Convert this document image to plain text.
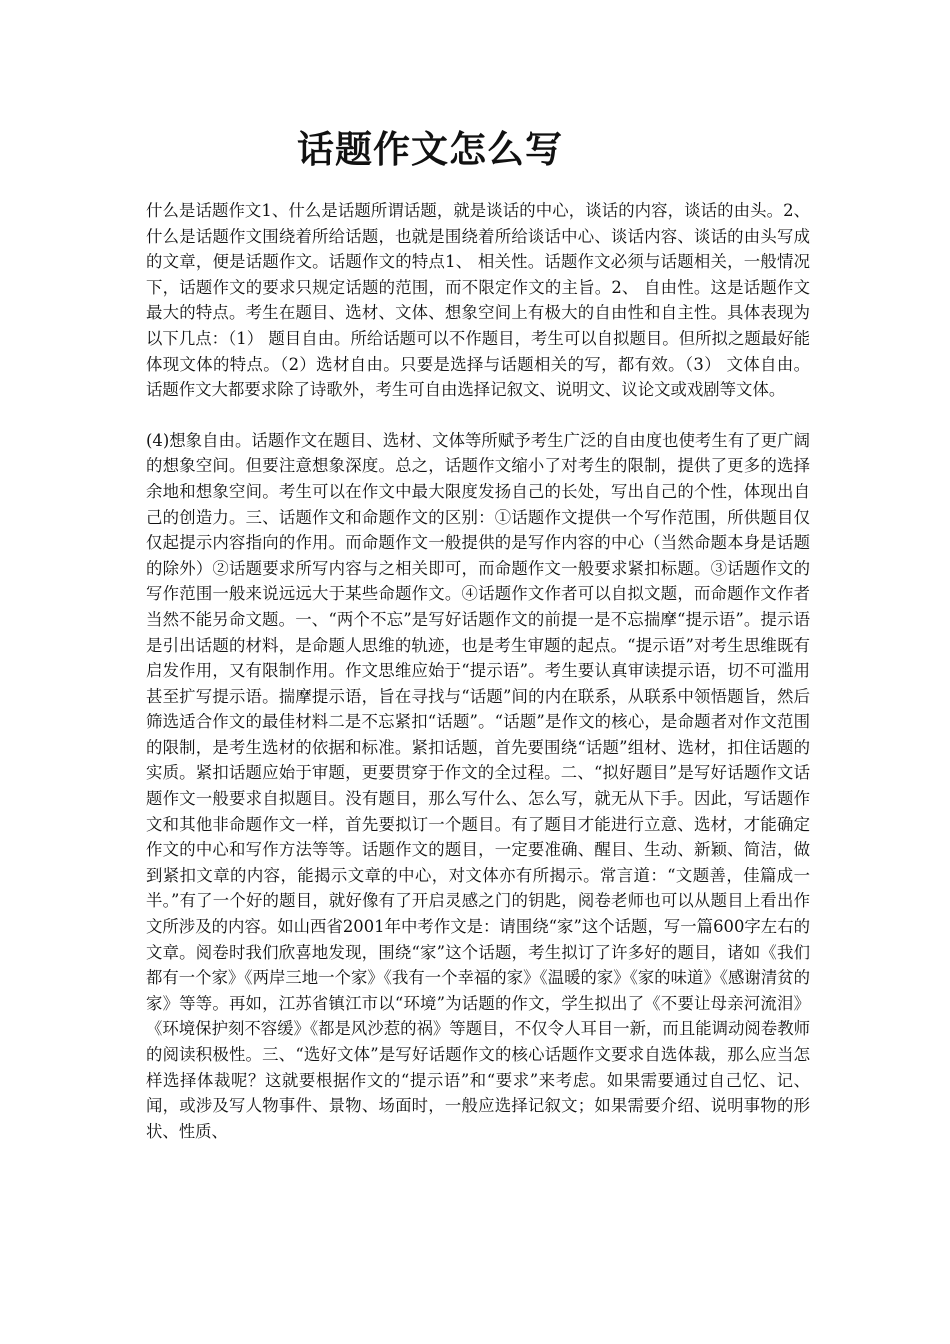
话题作文怎么写

什么是话题作文1、什么是话题所谓话题，就是谈话的中心，谈话的内容，谈话的由头。2、什么是话题作文围绕着所给话题，也就是围绕着所给谈话中心、谈话内容、谈话的由头写成的文章，便是话题作文。话题作文的特点1、 相关性。话题作文必须与话题相关，一般情况下，话题作文的要求只规定话题的范围，而不限定作文的主旨。2、 自由性。这是话题作文最大的特点。考生在题目、选材、文体、想象空间上有极大的自由性和自主性。具体表现为以下几点：（1） 题目自由。所给话题可以不作题目，考生可以自拟题目。但所拟之题最好能体现文体的特点。（2）选材自由。只要是选择与话题相关的写，都有效。（3） 文体自由。话题作文大都要求除了诗歌外，考生可自由选择记叙文、说明文、议论文或戏剧等文体。

(4)想象自由。话题作文在题目、选材、文体等所赋予考生广泛的自由度也使考生有了更广阔的想象空间。但要注意想象深度。总之，话题作文缩小了对考生的限制，提供了更多的选择余地和想象空间。考生可以在作文中最大限度发扬自己的长处，写出自己的个性，体现出自己的创造力。三、话题作文和命题作文的区别：①话题作文提供一个写作范围，所供题目仅仅起提示内容指向的作用。而命题作文一般提供的是写作内容的中心（当然命题本身是话题的除外）②话题要求所写内容与之相关即可，而命题作文一般要求紧扣标题。③话题作文的写作范围一般来说远远大于某些命题作文。④话题作文作者可以自拟文题，而命题作文作者当然不能另命文题。一、“两个不忘”是写好话题作文的前提一是不忘揣摩“提示语”。提示语是引出话题的材料，是命题人思维的轨迹，也是考生审题的起点。“提示语”对考生思维既有启发作用，又有限制作用。作文思维应始于“提示语”。考生要认真审读提示语，切不可滥用甚至扩写提示语。揣摩提示语，旨在寻找与“话题”间的内在联系，从联系中领悟题旨，然后筛选适合作文的最佳材料二是不忘紧扣“话题”。“话题”是作文的核心，是命题者对作文范围的限制，是考生选材的依据和标准。紧扣话题，首先要围绕“话题”组材、选材，扣住话题的实质。紧扣话题应始于审题，更要贯穿于作文的全过程。二、“拟好题目”是写好话题作文话题作文一般要求自拟题目。没有题目，那么写什么、怎么写，就无从下手。因此，写话题作文和其他非命题作文一样，首先要拟订一个题目。有了题目才能进行立意、选材，才能确定作文的中心和写作方法等等。话题作文的题目，一定要准确、醒目、生动、新颖、简洁，做到紧扣文章的内容，能揭示文章的中心，对文体亦有所揭示。常言道：“文题善，佳篇成一半。”有了一个好的题目，就好像有了开启灵感之门的钥匙，阅卷老师也可以从题目上看出作文所涉及的内容。如山西省2001年中考作文是：请围绕“家”这个话题，写一篇600字左右的文章。阅卷时我们欣喜地发现，围绕“家”这个话题，考生拟订了许多好的题目，诸如《我们都有一个家》《两岸三地一个家》《我有一个幸福的家》《温暖的家》《家的味道》《感谢清贫的家》等等。再如，江苏省镇江市以“环境”为话题的作文，学生拟出了《不要让母亲河流泪》《环境保护刻不容缓》《都是风沙惹的祸》等题目，不仅令人耳目一新，而且能调动阅卷教师的阅读积极性。三、“选好文体”是写好话题作文的核心话题作文要求自选体裁，那么应当怎样选择体裁呢？这就要根据作文的“提示语”和“要求”来考虑。如果需要通过自己忆、记、闻，或涉及写人物事件、景物、场面时，一般应选择记叙文；如果需要介绍、说明事物的形状、性质、
